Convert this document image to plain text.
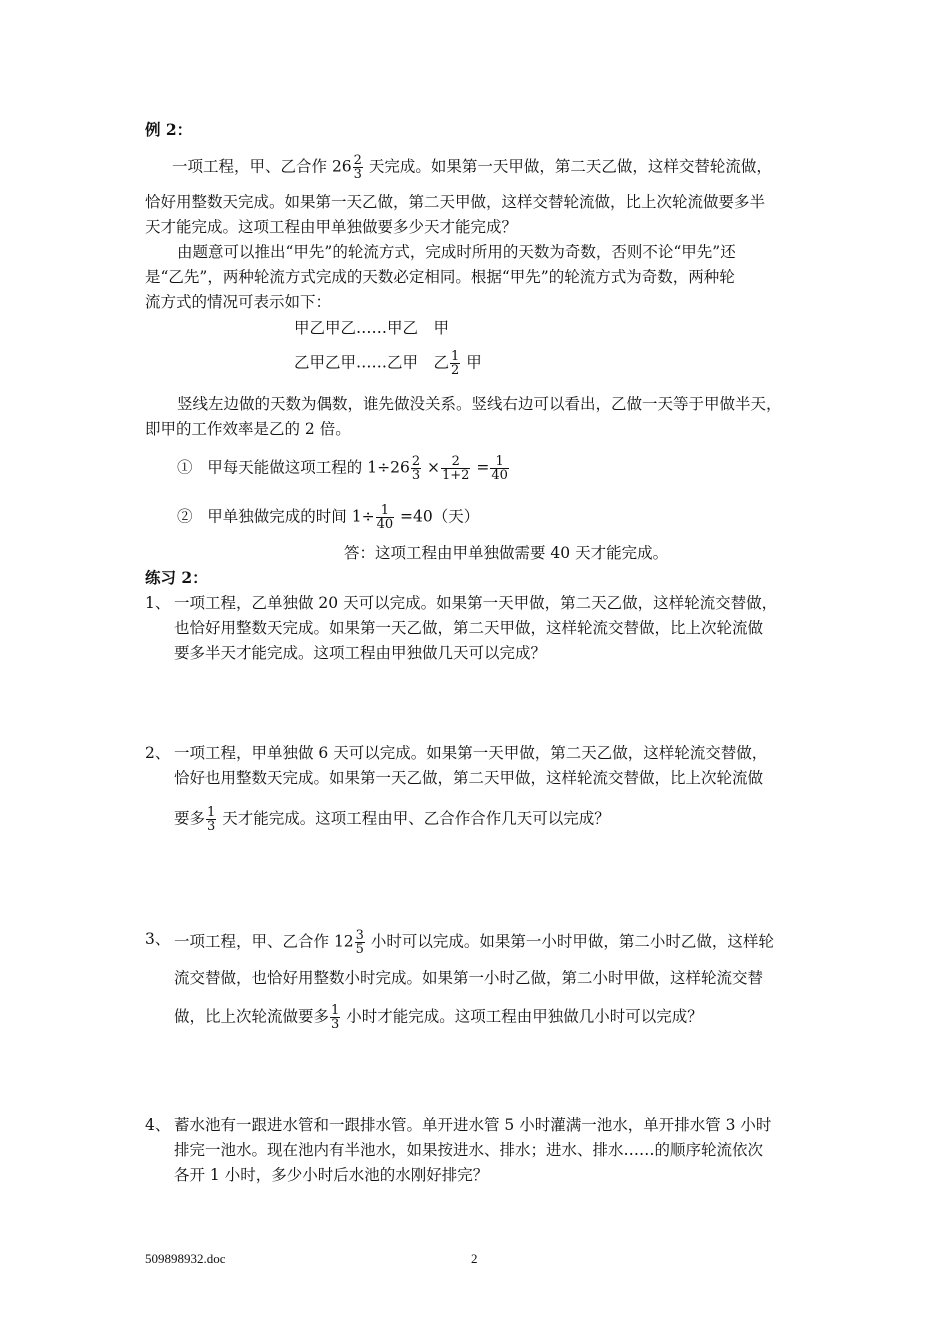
例 2：
一项工程，甲、乙合作 $26 \frac{2}{3}$ 天完成。如果第一天甲做，第二天乙做，这样交替轮流做，
恰好用整数天完成。如果第一天乙做，第二天甲做，这样交替轮流做，比上次轮流做要多半
天才能完成。这项工程由甲单独做要多少天才能完成？
由题意可以推出“甲先”的轮流方式，完成时所用的天数为奇数，否则不论“甲先”还
是“乙先”，两种轮流方式完成的天数必定相同。根据“甲先”的轮流方式为奇数，两种轮
流方式的情况可表示如下：
甲乙甲乙……甲乙　甲
乙甲乙甲……乙甲　乙 $\frac{1}{2}$ 甲
竖线左边做的天数为偶数，谁先做没关系。竖线右边可以看出，乙做一天等于甲做半天，
即甲的工作效率是乙的 2 倍。
① 甲每天能做这项工程的 $1\div 26 \frac{2}{3} \times \frac{2}{1+2} = \frac{1}{40}$
② 甲单独做完成的时间 $1\div \frac{1}{40} =40$（天）
答：这项工程由甲单独做需要 40 天才能完成。
练习 2：
1、 一项工程，乙单独做 20 天可以完成。如果第一天甲做，第二天乙做，这样轮流交替做，
也恰好用整数天完成。如果第一天乙做，第二天甲做，这样轮流交替做，比上次轮流做
要多半天才能完成。这项工程由甲独做几天可以完成？
2、 一项工程，甲单独做 6 天可以完成。如果第一天甲做，第二天乙做，这样轮流交替做，
恰好也用整数天完成。如果第一天乙做，第二天甲做，这样轮流交替做，比上次轮流做
要多 $\frac{1}{3}$ 天才能完成。这项工程由甲、乙合作合作几天可以完成？
3、 一项工程，甲、乙合作 $12 \frac{3}{5}$ 小时可以完成。如果第一小时甲做，第二小时乙做，这样轮
流交替做，也恰好用整数小时完成。如果第一小时乙做，第二小时甲做，这样轮流交替
做，比上次轮流做要多 $\frac{1}{3}$ 小时才能完成。这项工程由甲独做几小时可以完成？
4、 蓄水池有一跟进水管和一跟排水管。单开进水管 5 小时灌满一池水，单开排水管 3 小时
排完一池水。现在池内有半池水，如果按进水、排水；进水、排水……的顺序轮流依次
各开 1 小时，多少小时后水池的水刚好排完？
509898932.doc	2
